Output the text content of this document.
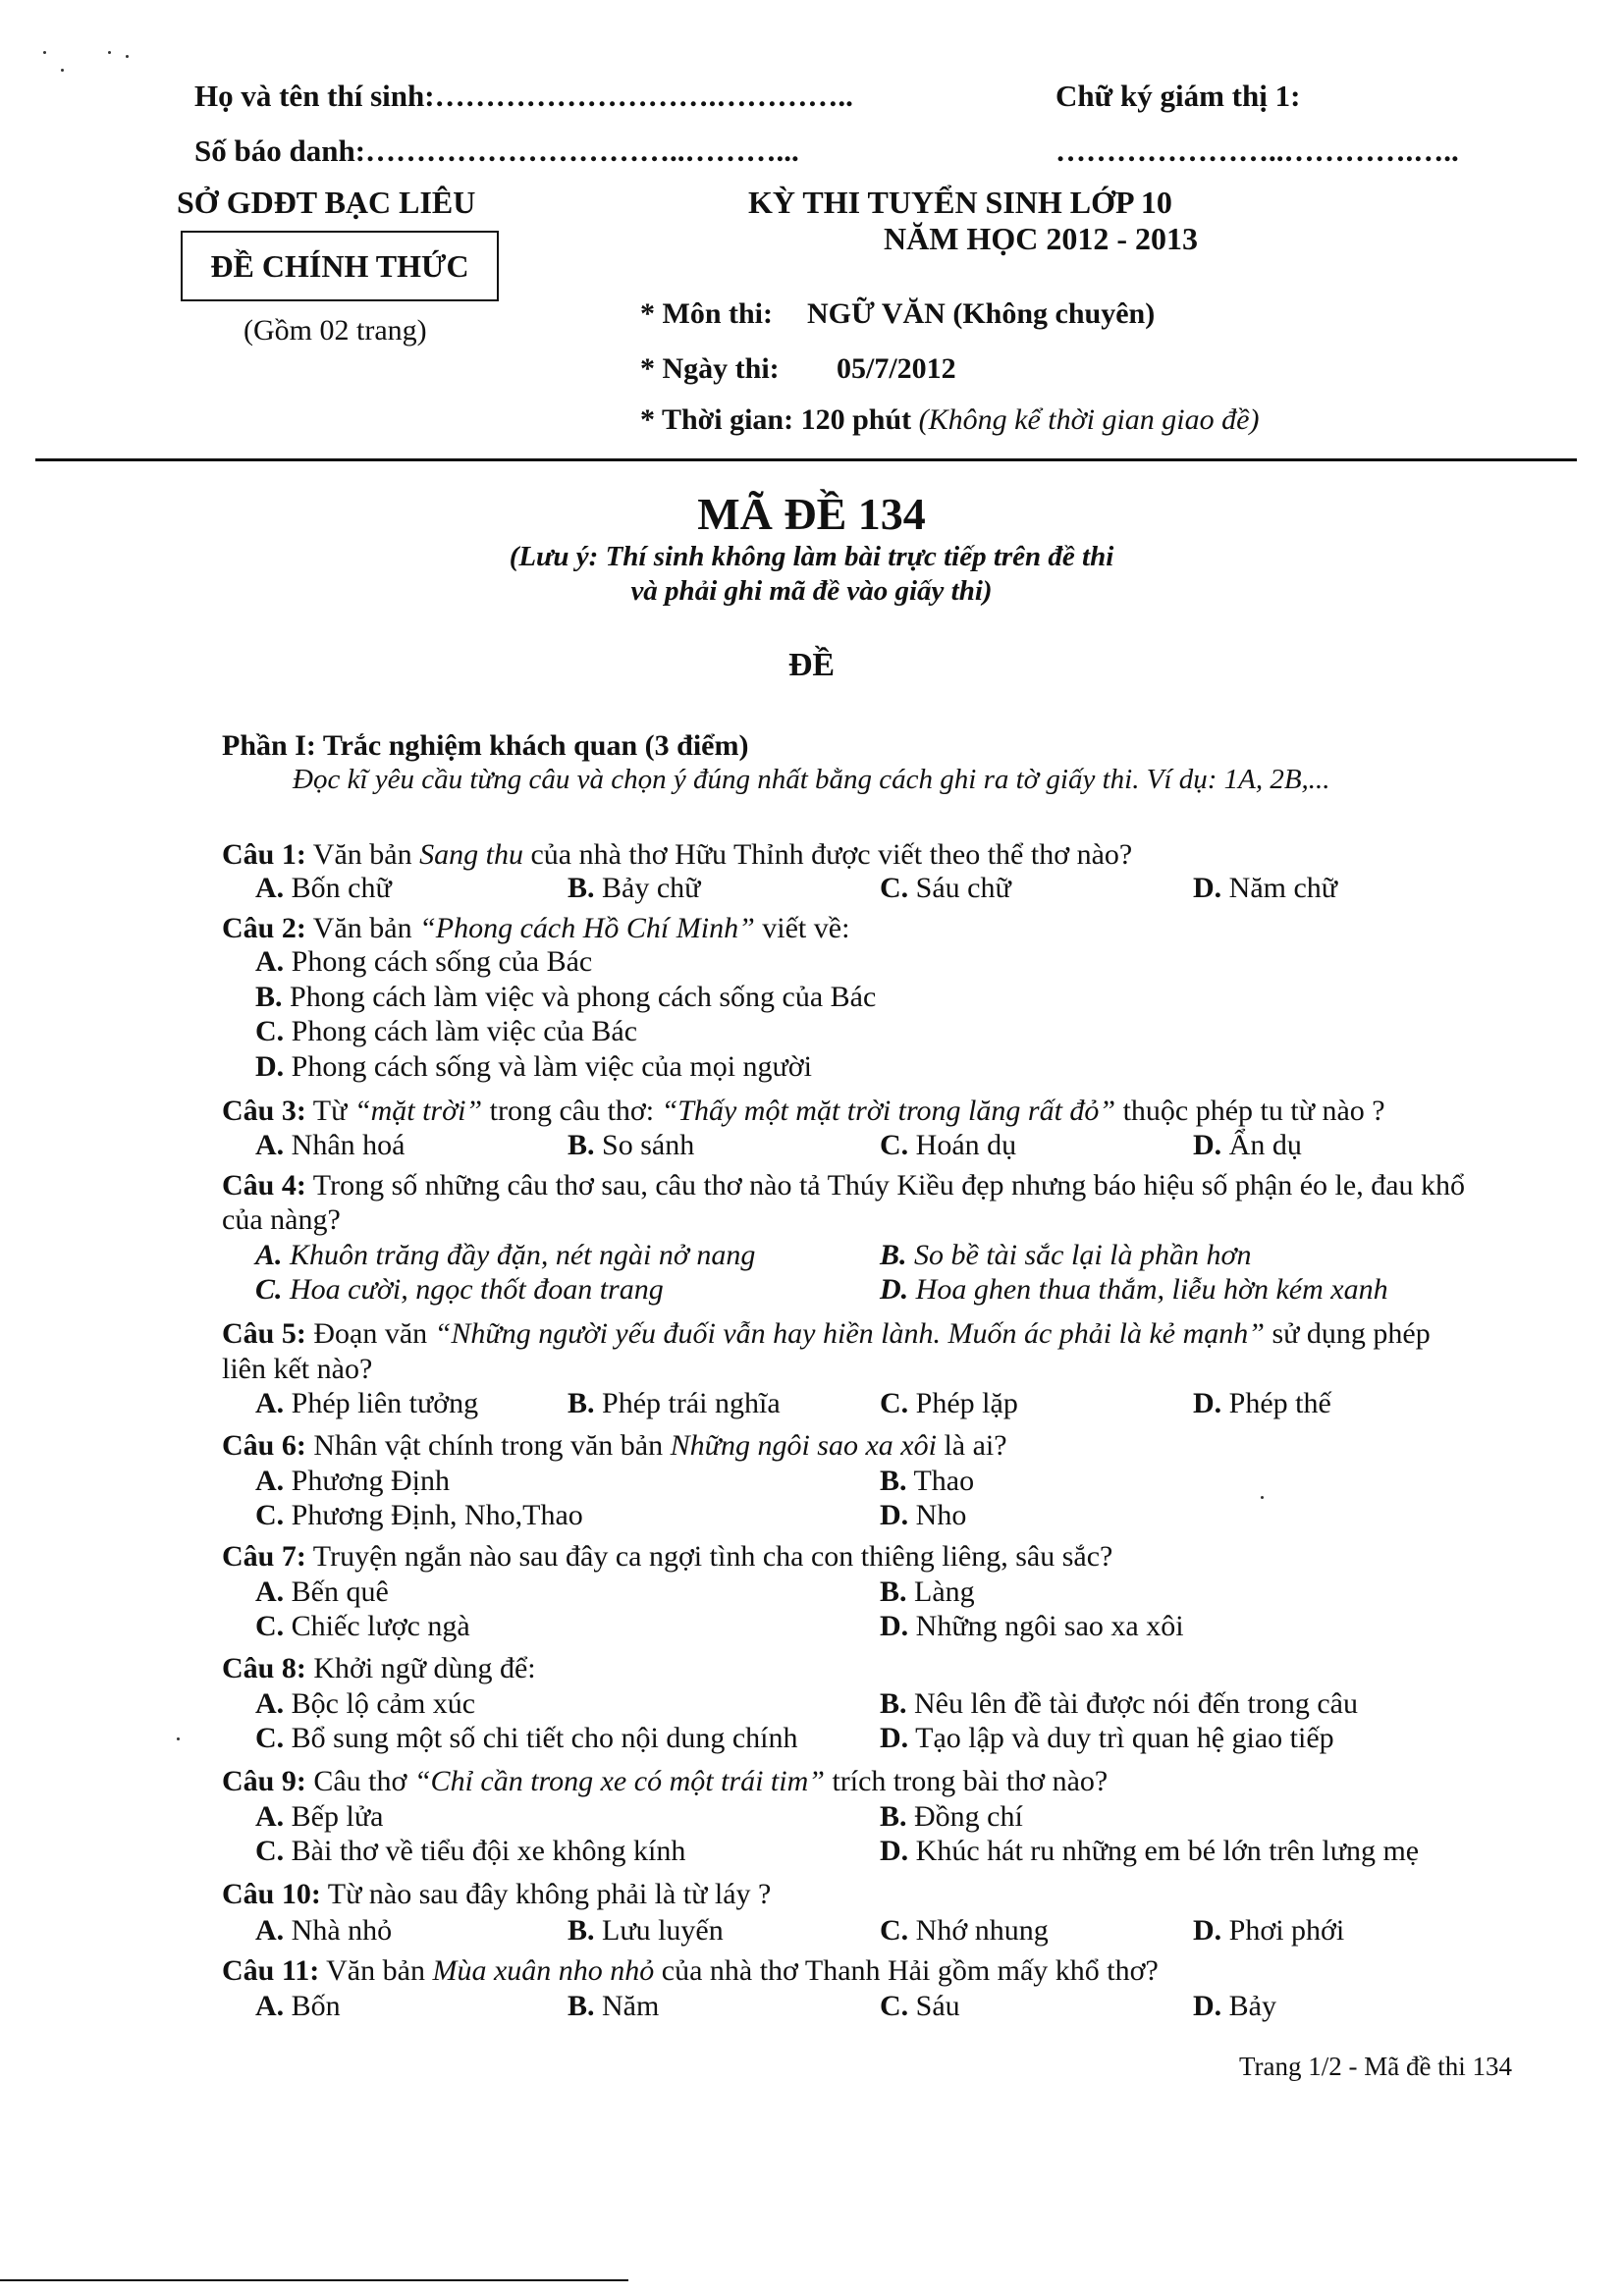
Họ và tên thí sinh:……………………….…………..
Số báo danh:…………………………..………...
Chữ ký giám thị 1:
…………………..………….…..
SỞ GDĐT BẠC LIÊU
ĐỀ CHÍNH THỨC
(Gồm 02 trang)
KỲ THI TUYỂN SINH LỚP 10
NĂM HỌC 2012 - 2013
* Môn thi: NGỮ VĂN (Không chuyên)
* Ngày thi: 05/7/2012
* Thời gian: 120 phút (Không kể thời gian giao đề)
MÃ ĐỀ 134
(Lưu ý: Thí sinh không làm bài trực tiếp trên đề thi
và phải ghi mã đề vào giấy thi)
ĐỀ
Phần I: Trắc nghiệm khách quan (3 điểm)
Đọc kĩ yêu cầu từng câu và chọn ý đúng nhất bằng cách ghi ra tờ giấy thi. Ví dụ: 1A, 2B,...
Câu 1: Văn bản Sang thu của nhà thơ Hữu Thỉnh được viết theo thể thơ nào?
A. Bốn chữ	B. Bảy chữ	C. Sáu chữ	D. Năm chữ
Câu 2: Văn bản “Phong cách Hồ Chí Minh” viết về:
A. Phong cách sống của Bác
B. Phong cách làm việc và phong cách sống của Bác
C. Phong cách làm việc của Bác
D. Phong cách sống và làm việc của mọi người
Câu 3: Từ “mặt trời” trong câu thơ: “Thấy một mặt trời trong lăng rất đỏ” thuộc phép tu từ nào ?
A. Nhân hoá	B. So sánh	C. Hoán dụ	D. Ẩn dụ
Câu 4: Trong số những câu thơ sau, câu thơ nào tả Thúy Kiều đẹp nhưng báo hiệu số phận éo le, đau khổ
của nàng?
A. Khuôn trăng đầy đặn, nét ngài nở nang	B. So bề tài sắc lại là phần hơn
C. Hoa cười, ngọc thốt đoan trang	D. Hoa ghen thua thắm, liễu hờn kém xanh
Câu 5: Đoạn văn “Những người yếu đuối vẫn hay hiền lành. Muốn ác phải là kẻ mạnh” sử dụng phép
liên kết nào?
A. Phép liên tưởng	B. Phép trái nghĩa	C. Phép lặp	D. Phép thế
Câu 6: Nhân vật chính trong văn bản Những ngôi sao xa xôi là ai?
A. Phương Định	B. Thao
C. Phương Định, Nho,Thao	D. Nho
Câu 7: Truyện ngắn nào sau đây ca ngợi tình cha con thiêng liêng, sâu sắc?
A. Bến quê	B. Làng
C. Chiếc lược ngà	D. Những ngôi sao xa xôi
Câu 8: Khởi ngữ dùng để:
A. Bộc lộ cảm xúc	B. Nêu lên đề tài được nói đến trong câu
C. Bổ sung một số chi tiết cho nội dung chính	D. Tạo lập và duy trì quan hệ giao tiếp
Câu 9: Câu thơ “Chỉ cần trong xe có một trái tim” trích trong bài thơ nào?
A. Bếp lửa	B. Đồng chí
C. Bài thơ về tiểu đội xe không kính	D. Khúc hát ru những em bé lớn trên lưng mẹ
Câu 10: Từ nào sau đây không phải là từ láy ?
A. Nhà nhỏ	B. Lưu luyến	C. Nhớ nhung	D. Phơi phới
Câu 11: Văn bản Mùa xuân nho nhỏ của nhà thơ Thanh Hải gồm mấy khổ thơ?
A. Bốn	B. Năm	C. Sáu	D. Bảy
Trang 1/2 - Mã đề thi 134
